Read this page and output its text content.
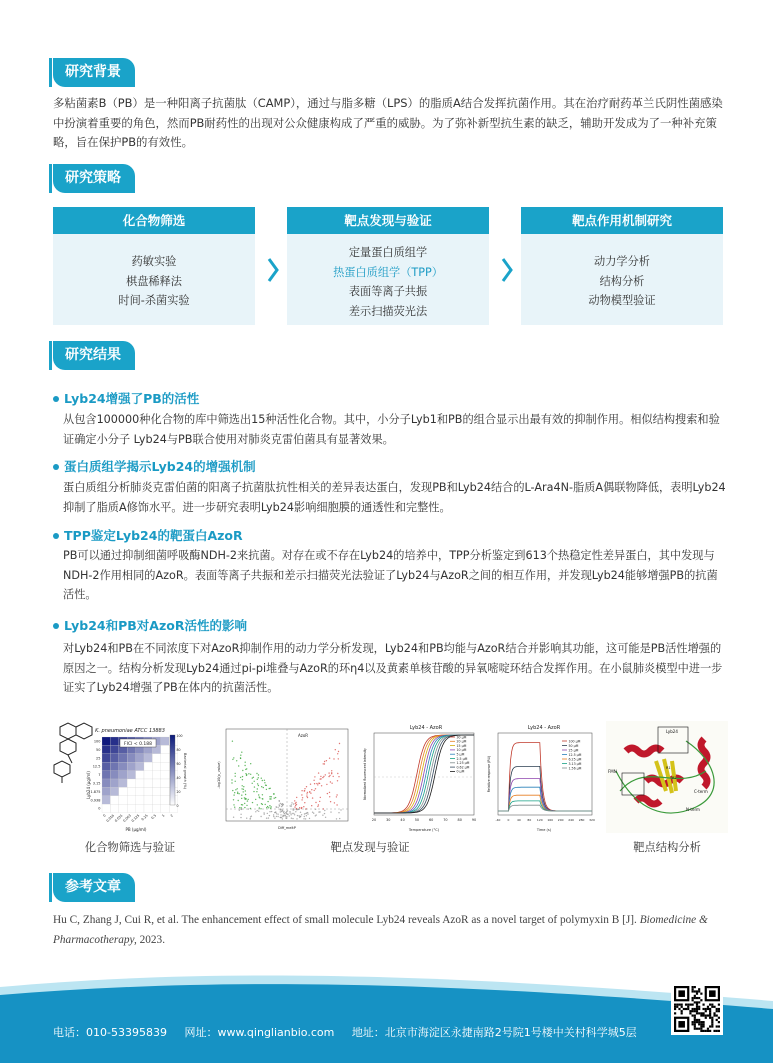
研究背景
多粘菌素B（PB）是一种阳离子抗菌肽（CAMP），通过与脂多糖（LPS）的脂质A结合发挥抗菌作用。其在治疗耐药革兰氏阴性菌感染中扮演着重要的角色，然而PB耐药性的出现对公众健康构成了严重的威胁。为了弥补新型抗生素的缺乏，辅助开发成为了一种补充策略，旨在保护PB的有效性。
研究策略
化合物筛选
药敏实验
棋盘稀释法
时间-杀菌实验
靶点发现与验证
定量蛋白质组学
热蛋白质组学（TPP）
表面等离子共振
差示扫描荧光法
靶点作用机制研究
动力学分析
结构分析
动物模型验证
研究结果
Lyb24增强了PB的活性
从包含100000种化合物的库中筛选出15种活性化合物。其中，小分子Lyb1和PB的组合显示出最有效的抑制作用。相似结构搜索和验证确定小分子 Lyb24与PB联合使用对肺炎克雷伯菌具有显著效果。
蛋白质组学揭示Lyb24的增强机制
蛋白质组分析肺炎克雷伯菌的阳离子抗菌肽抗性相关的差异表达蛋白，发现PB和Lyb24结合的L-Ara4N-脂质A偶联物降低，表明Lyb24抑制了脂质A修饰水平。进一步研究表明Lyb24影响细胞膜的通透性和完整性。
TPP鉴定Lyb24的靶蛋白AzoR
PB可以通过抑制细菌呼吸酶NDH-2来抗菌。对存在或不存在Lyb24的培养中，TPP分析鉴定到613个热稳定性差异蛋白，其中发现与NDH-2作用相同的AzoR。表面等离子共振和差示扫描荧光法验证了Lyb24与AzoR之间的相互作用，并发现Lyb24能够增强PB的抗菌活性。
Lyb24和PB对AzoR活性的影响
对Lyb24和PB在不同浓度下对AzoR抑制作用的动力学分析发现，Lyb24和PB均能与AzoR结合并影响其功能，这可能是PB活性增强的原因之一。结构分析发现Lyb24通过pi-pi堆叠与AzoR的环η4以及黄素单核苷酸的异氧嘧啶环结合发挥作用。在小鼠肺炎模型中进一步证实了Lyb24增强了PB在体内的抗菌活性。
K. pneumoniae ATCC 13883
Lyb24 (μg/ml)
100
50
25
12.5
7
3.15
1.875
0.938
0
0
0.016
0.031
0.063
0.125 0.25 0.5 1 2
PB (μg/ml)
FICI < 0.188
100
80
60
40
20
0
Bacterial growth (%)
AzoR
-log10(p_value)
Diff_meltP
Lyb24 - AzoR
Normalized fluorescent intensity
30 μM
20 μM
15 μM
10 μM
5 μM
2.5 μM
1.25 μM
0.62 μM
0 μM
20	30	40	50	60	70	80	90
Temperature (°C)
Lyb24 - AzoR
Relative response (RU)
100 μM
50 μM
25 μM
12.5 μM
6.25 μM
3.13 μM
1.56 μM
-40 0	40 80 120 160 200 240 280 320
Time (s)
Lyb24
FMN
N-term
C-term
R1
R2
化合物筛选与验证	靶点发现与验证	靶点结构分析
参考文章
Hu C, Zhang J, Cui R, et al. The enhancement effect of small molecule Lyb24 reveals AzoR as a novel target of polymyxin B [J]. Biomedicine & Pharmacotherapy, 2023.
电话：010-53395839 网址：www.qinglianbio.com 地址：北京市海淀区永捷南路2号院1号楼中关村科学城5层
